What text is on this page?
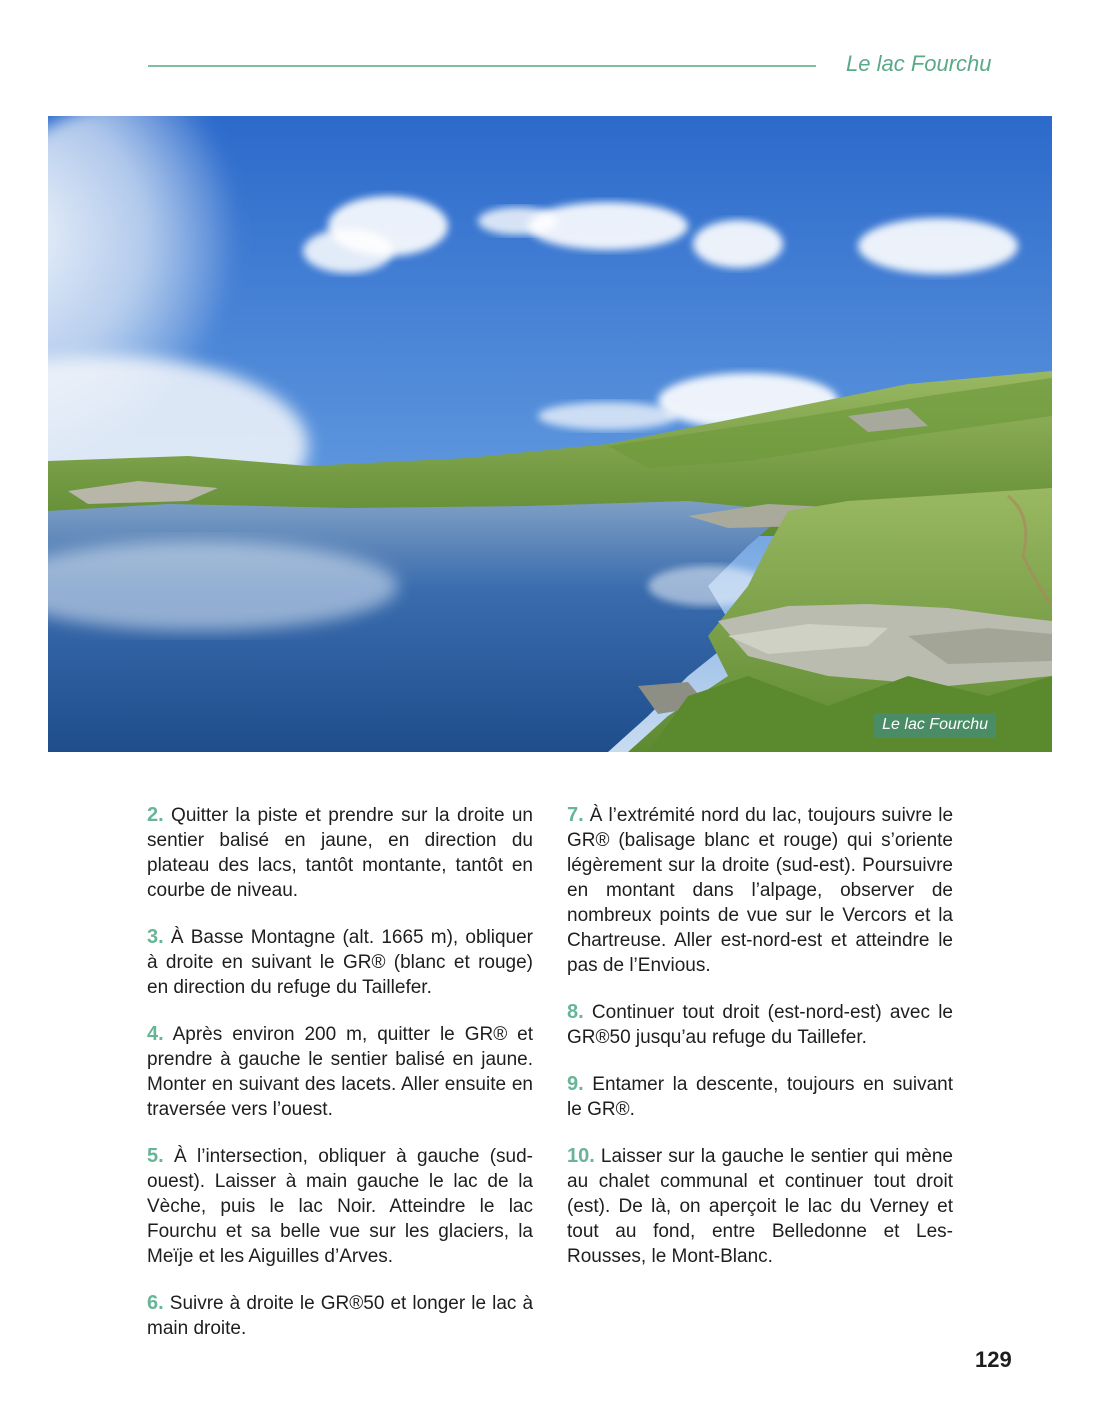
Le lac Fourchu
Le lac Fourchu

2. Quitter la piste et prendre sur la droite un sentier balisé en jaune, en direction du plateau des lacs, tantôt montante, tantôt en courbe de niveau.

3. À Basse Montagne (alt. 1665 m), obliquer à droite en suivant le GR® (blanc et rouge) en direction du refuge du Taillefer.

4. Après environ 200 m, quitter le GR® et prendre à gauche le sentier balisé en jaune. Monter en suivant des lacets. Aller ensuite en traversée vers l’ouest.

5. À l’intersection, obliquer à gauche (sud-ouest). Laisser à main gauche le lac de la Vèche, puis le lac Noir. Atteindre le lac Fourchu et sa belle vue sur les glaciers, la Meïje et les Aiguilles d’Arves.

6. Suivre à droite le GR®50 et longer le lac à main droite.

7. À l’extrémité nord du lac, toujours suivre le GR® (balisage blanc et rouge) qui s’oriente légèrement sur la droite (sud-est). Poursuivre en montant dans l’alpage, observer de nombreux points de vue sur le Vercors et la Chartreuse. Aller est-nord-est et atteindre le pas de l’Envious.

8. Continuer tout droit (est-nord-est) avec le GR®50 jusqu’au refuge du Taillefer.

9. Entamer la descente, toujours en suivant le GR®.

10. Laisser sur la gauche le sentier qui mène au chalet communal et continuer tout droit (est). De là, on aperçoit le lac du Verney et tout au fond, entre Belledonne et Les-Rousses, le Mont-Blanc.

129
